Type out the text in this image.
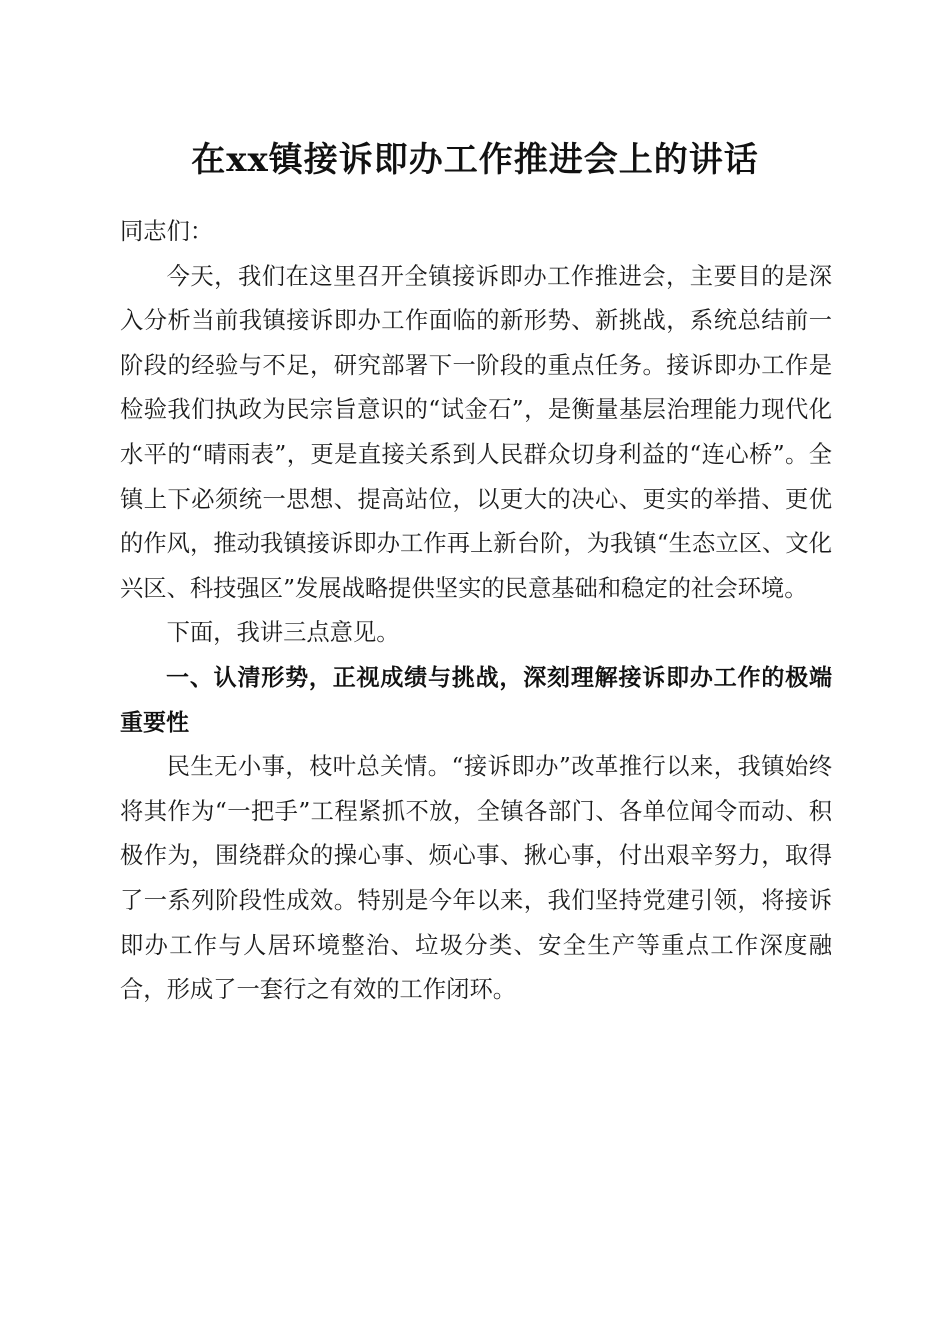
在xx镇接诉即办工作推进会上的讲话

同志们：

今天，我们在这里召开全镇接诉即办工作推进会，主要目的是深入分析当前我镇接诉即办工作面临的新形势、新挑战，系统总结前一阶段的经验与不足，研究部署下一阶段的重点任务。接诉即办工作是检验我们执政为民宗旨意识的“试金石”，是衡量基层治理能力现代化水平的“晴雨表”，更是直接关系到人民群众切身利益的“连心桥”。全镇上下必须统一思想、提高站位，以更大的决心、更实的举措、更优的作风，推动我镇接诉即办工作再上新台阶，为我镇“生态立区、文化兴区、科技强区”发展战略提供坚实的民意基础和稳定的社会环境。

下面，我讲三点意见。

一、认清形势，正视成绩与挑战，深刻理解接诉即办工作的极端重要性

民生无小事，枝叶总关情。“接诉即办”改革推行以来，我镇始终将其作为“一把手”工程紧抓不放，全镇各部门、各单位闻令而动、积极作为，围绕群众的操心事、烦心事、揪心事，付出艰辛努力，取得了一系列阶段性成效。特别是今年以来，我们坚持党建引领，将接诉即办工作与人居环境整治、垃圾分类、安全生产等重点工作深度融合，形成了一套行之有效的工作闭环。
